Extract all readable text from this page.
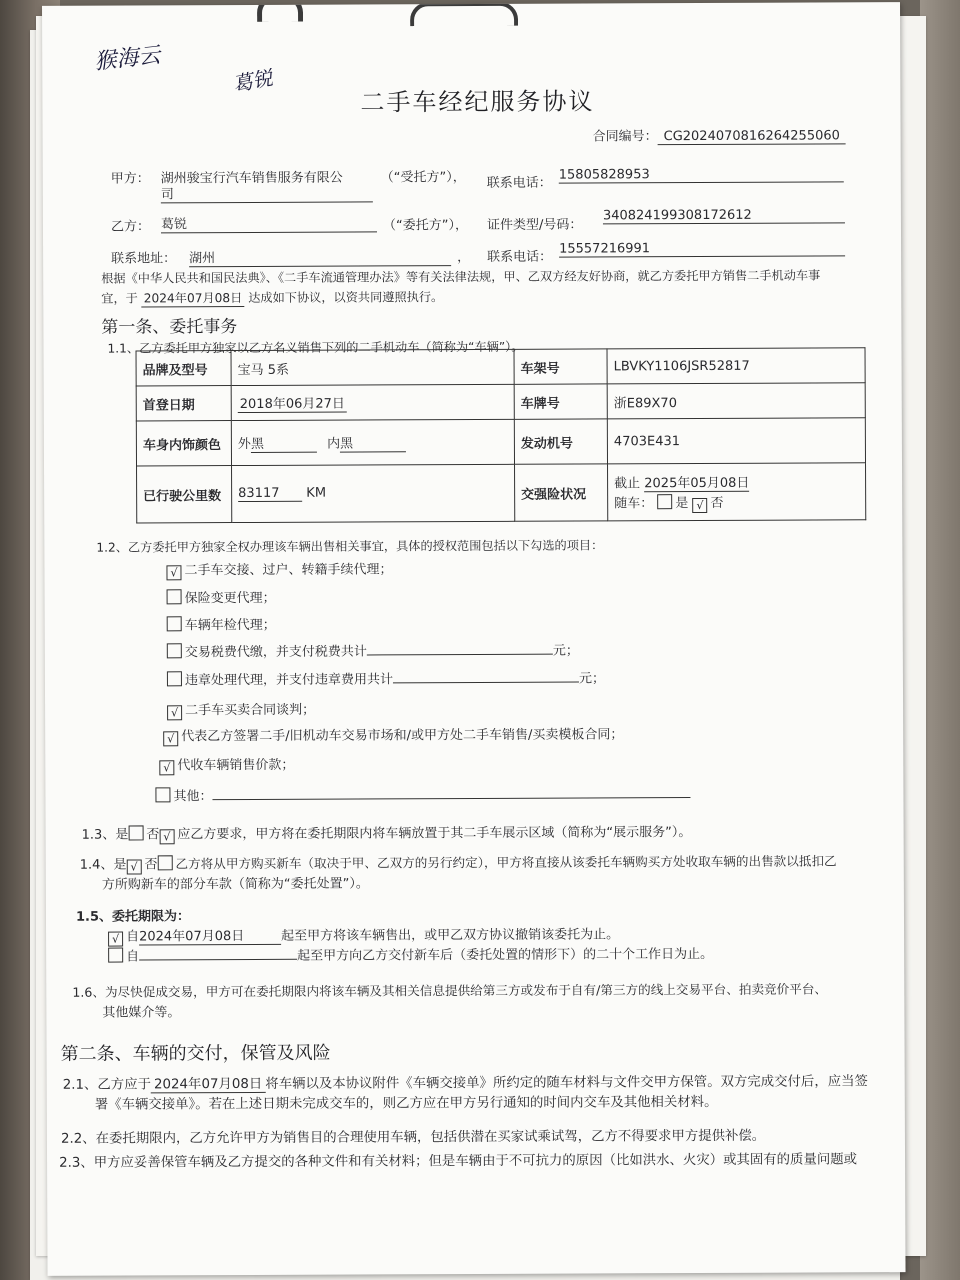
猴海云
葛锐
二手车经纪服务协议
合同编号： CG2024070816264255060
甲方： 湖州骏宝行汽车销售服务有限公
司
（“受托方”）， 联系电话：
15805828953
乙方： 葛锐	（“委托方”）， 证件类型/号码：
340824199308172612
联系地址： 湖州	， 联系电话：
15557216991
根据《中华人民共和国民法典》、《二手车流通管理办法》等有关法律法规，甲、乙双方经友好协商，就乙方委托甲方销售二手机动车事
宜，于 2024年07月08日 达成如下协议，以资共同遵照执行。
第一条、委托事务
1.1、乙方委托甲方独家以乙方名义销售下列的二手机动车（简称为“车辆”）。
品牌及型号	宝马 5系	车架号	LBVKY1106JSR52817
首登日期	2018年06月27日	车牌号	浙E89X70
车身内饰颜色	外黑 内黑	发动机号	4703E431
已行驶公里数	83117 KM	交强险状况	截止 2025年05月08日
随车： 是 √ 否
1.2、乙方委托甲方独家全权办理该车辆出售相关事宜，具体的授权范围包括以下勾选的项目：
√ 二手车交接、过户、转籍手续代理；
保险变更代理；
车辆年检代理；
交易税费代缴，并支付税费共计	元；
违章处理代理，并支付违章费用共计	元；
√ 二手车买卖合同谈判；
√ 代表乙方签署二手/旧机动车交易市场和/或甲方处二手车销售/买卖模板合同；
√ 代收车辆销售价款；
其他：
1.3、是 否 √ 应乙方要求，甲方将在委托期限内将车辆放置于其二手车展示区域（简称为“展示服务”）。
1.4、是 √ 否 乙方将从甲方购买新车（取决于甲、乙双方的另行约定），甲方将直接从该委托车辆购买方处收取车辆的出售款以抵扣乙
方所购新车的部分车款（简称为“委托处置”）。
1.5、委托期限为：
√ 自2024年07月08日	起至甲方将该车辆售出，或甲乙双方协议撤销该委托为止。
自	起至甲方向乙方交付新车后（委托处置的情形下）的二十个工作日为止。
1.6、为尽快促成交易，甲方可在委托期限内将该车辆及其相关信息提供给第三方或发布于自有/第三方的线上交易平台、拍卖竞价平台、
其他媒介等。
第二条、车辆的交付，保管及风险
2.1、乙方应于 2024年07月08日 将车辆以及本协议附件《车辆交接单》所约定的随车材料与文件交甲方保管。双方完成交付后，应当签
署《车辆交接单》。若在上述日期未完成交车的，则乙方应在甲方另行通知的时间内交车及其他相关材料。
2.2、在委托期限内，乙方允许甲方为销售目的合理使用车辆，包括供潜在买家试乘试驾，乙方不得要求甲方提供补偿。
2.3、甲方应妥善保管车辆及乙方提交的各种文件和有关材料；但是车辆由于不可抗力的原因（比如洪水、火灾）或其固有的质量问题或
